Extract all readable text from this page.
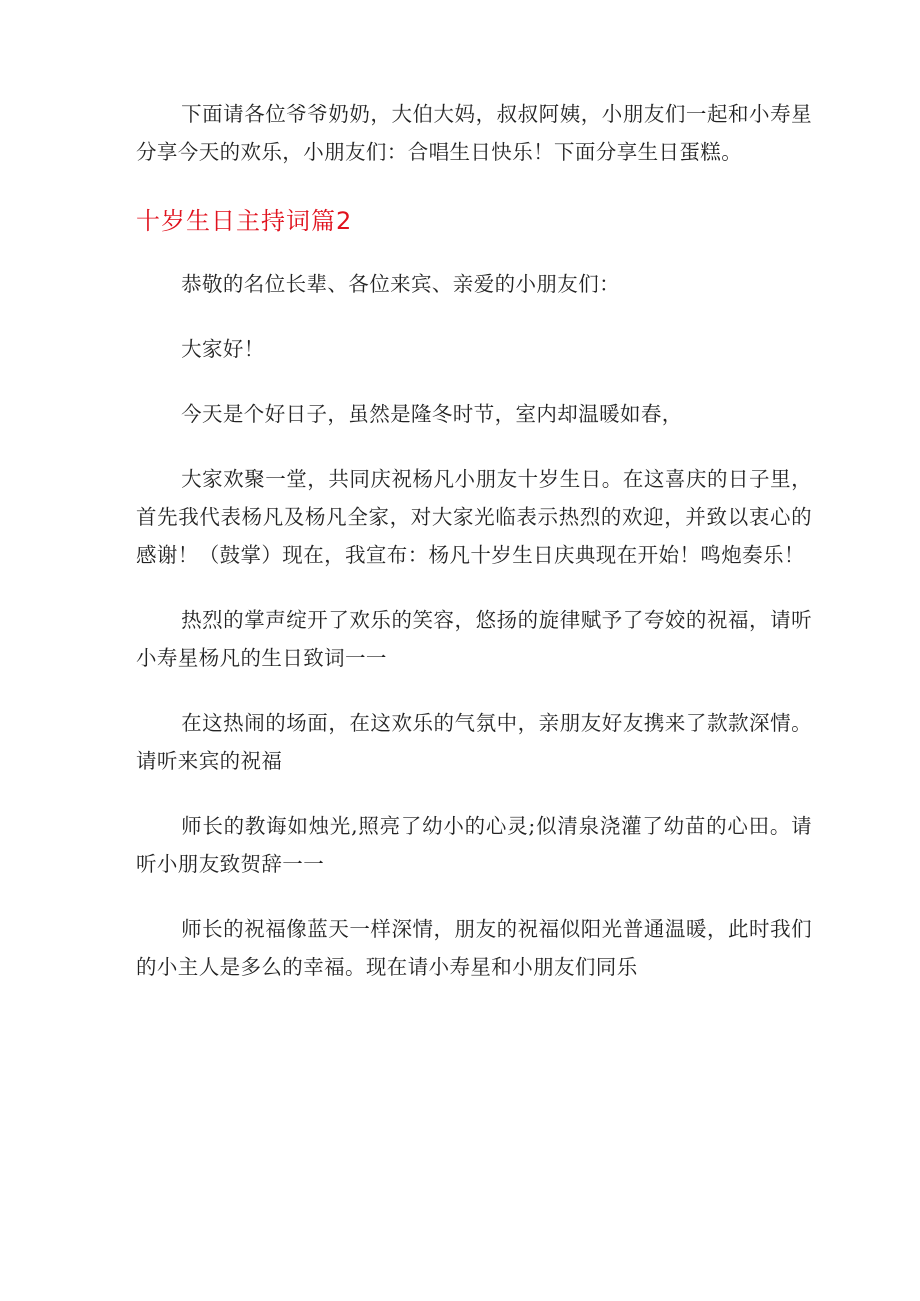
下面请各位爷爷奶奶，大伯大妈，叔叔阿姨，小朋友们一起和小寿星分享今天的欢乐，小朋友们：合唱生日快乐！下面分享生日蛋糕。

十岁生日主持词篇2

恭敬的名位长辈、各位来宾、亲爱的小朋友们：

大家好！

今天是个好日子，虽然是隆冬时节，室内却温暖如春，

大家欢聚一堂，共同庆祝杨凡小朋友十岁生日。在这喜庆的日子里，首先我代表杨凡及杨凡全家，对大家光临表示热烈的欢迎，并致以衷心的感谢！（鼓掌）现在，我宣布：杨凡十岁生日庆典现在开始！鸣炮奏乐！

热烈的掌声绽开了欢乐的笑容，悠扬的旋律赋予了夸姣的祝福，请听小寿星杨凡的生日致词一一

在这热闹的场面，在这欢乐的气氛中，亲朋友好友携来了款款深情。请听来宾的祝福

师长的教诲如烛光,照亮了幼小的心灵;似清泉浇灌了幼苗的心田。请听小朋友致贺辞一一

师长的祝福像蓝天一样深情，朋友的祝福似阳光普通温暖，此时我们的小主人是多么的幸福。现在请小寿星和小朋友们同乐
